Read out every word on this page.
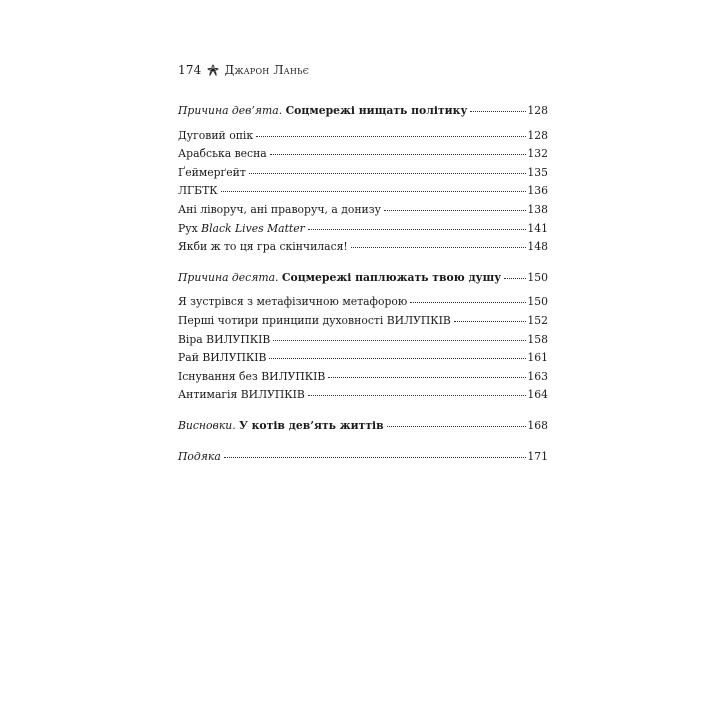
174 Джарон Ланьє
Причина дев’ята. Соцмережі нищать політику	128
Дуговий опік	128
Арабська весна	132
Ґеймерґейт	135
ЛГБТК	136
Ані ліворуч, ані праворуч, а донизу	138
Рух Black Lives Matter	141
Якби ж то ця гра скінчилася!	148
Причина десята. Соцмережі паплюжать твою душу 150
Я зустрівся з метафізичною метафорою	150
Перші чотири принципи духовності ВИЛУПКІВ	152
Віра ВИЛУПКІВ	158
Рай ВИЛУПКІВ	161
Існування без ВИЛУПКІВ	163
Антимагія ВИЛУПКІВ	164
Висновки. У котів дев’ять життів	168
Подяка	171
